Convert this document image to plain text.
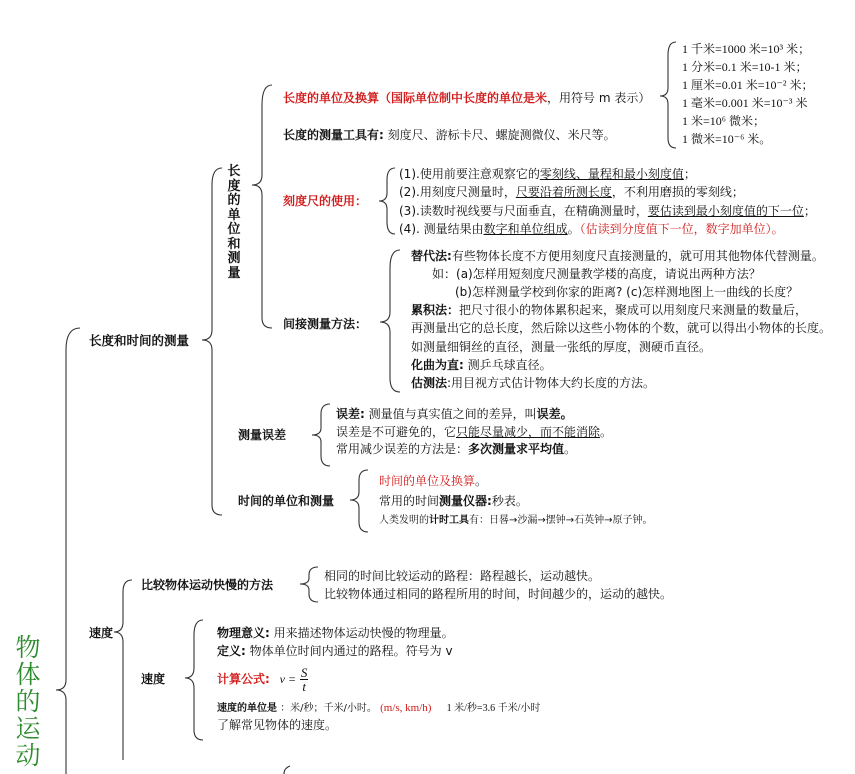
物体的运动
长度和时间的测量
长
度
的
单
位
和
测
量
长度的单位及换算（国际单位制中长度的单位是米，用符号 m 表示）
1 千米=1000 米=10³ 米；
1 分米=0.1 米=10-1 米；
1 厘米=0.01 米=10⁻² 米；
1 毫米=0.001 米=10⁻³ 米
1 米=10⁶ 微米；
1 微米=10⁻⁶ 米。
长度的测量工具有: 刻度尺、游标卡尺、螺旋测微仪、米尺等。
刻度尺的使用：
(1).使用前要注意观察它的零刻线、量程和最小刻度值；
(2).用刻度尺测量时，尺要沿着所测长度，不利用磨损的零刻线；
(3).读数时视线要与尺面垂直，在精确测量时，要估读到最小刻度值的下一位；
(4). 测量结果由数字和单位组成。（估读到分度值下一位，数字加单位）。
间接测量方法：
替代法:有些物体长度不方便用刻度尺直接测量的，就可用其他物体代替测量。
如：(a)怎样用短刻度尺测量教学楼的高度，请说出两种方法？
(b)怎样测量学校到你家的距离? (c)怎样测地图上一曲线的长度？
累积法：把尺寸很小的物体累积起来，聚成可以用刻度尺来测量的数量后，
再测量出它的总长度，然后除以这些小物体的个数，就可以得出小物体的长度。
如测量细铜丝的直径，测量一张纸的厚度，测硬币直径。
化曲为直: 测乒乓球直径。
估测法:用目视方式估计物体大约长度的方法。
测量误差
误差: 测量值与真实值之间的差异，叫误差。
误差是不可避免的，它只能尽量减少，而不能消除。
常用减少误差的方法是：多次测量求平均值。
时间的单位和测量
时间的单位及换算。
常用的时间测量仪器:秒表。
人类发明的计时工具有：日晷→沙漏→摆钟→石英钟→原子钟。
速度
比较物体运动快慢的方法
相同的时间比较运动的路程：路程越长，运动越快。
比较物体通过相同的路程所用的时间，时间越少的，运动的越快。
速度
物理意义: 用来描述物体运动快慢的物理量。
定义: 物体单位时间内通过的路程。符号为 v
计算公式: $v = \frac{S}{t}$
速度的单位是 ：米/秒；千米/小时。 (m/s, km/h) 1 米/秒=3.6 千米/小时
了解常见物体的速度。
